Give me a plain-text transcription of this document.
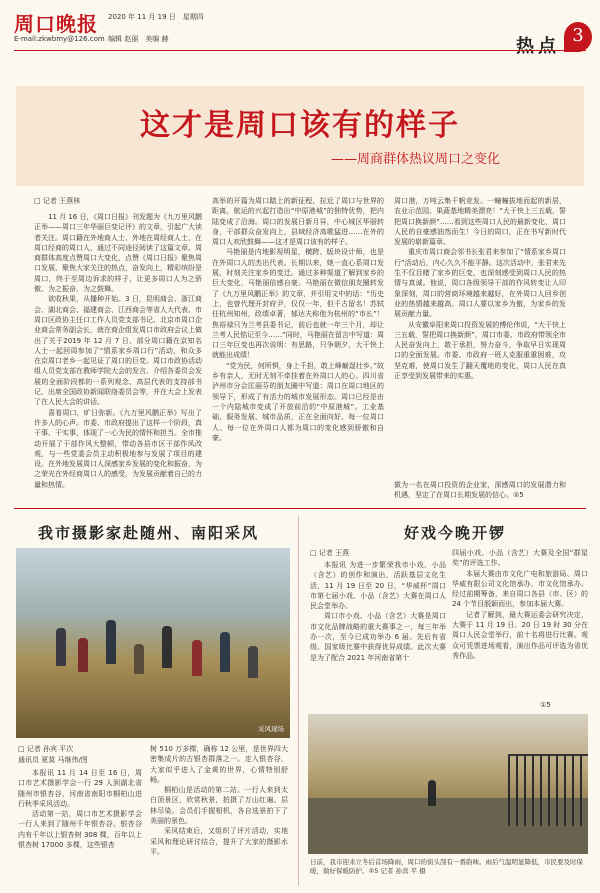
周口晚报 2020 年 11 月 19 日　星期四
E-mail:zkwbmy@126.com 编辑 赵丽　美编 赫	热点
3
这才是周口该有的样子
——周商群体热议周口之变化
□ 记者 王燕林

11 月 16 日，《周口日报》刊发题为《九万里风鹏正举——周口三年华丽巨变记评》的文章，引起广大读者关注。周口籍在外地商人士、外地在周经商人士，在周口经商的周口人，通过不同途径阅读了这篇文章。周商群体高度点赞周口大变化，点赞《周口日报》聚焦周口发展、聚焦大家关注的热点，奋发向上，精彩缤纷是周口，终于至周边诉求的样子，让更多周口人为之骄傲、为之振奋、为之鼓舞。

欲收秋果，从播种开始。3 日，昆明商会、浙江商会、湖北商会、福建商会、江西商会等省人大代表、市周口区政协主任口工作人员党支部书记、北京市周口企业商会常务副会长，就在商企组发周口市政府会议上做出了关于2019 年 12 月 7 日、部分周口籍在京知名人士一起回周参加了“情系家乡周口行”活动，和众多在京周口老乡一起见证了周口的巨变。周口市政协活动组人员党支部在教师学院大会的发言、介绍各委员会发展的全面阶段都的一系列观念、高层代表的支持部书记，出席全国政协新闻联络委员会等，并在大会上发表了在人民大会的讲话。

喜看周口，旷日弥新。《九万里风鹏正举》写出了许多人的心声。市委、市政府提出了这样一个阶段，真干事、干实事，体现了一心为民的情怀和担当。全市推动开展了干部作风大整顿，带动各县市区干部作风改观，与一些党委会员主动积极地参与发展了项目的建设。在外地发展周口人深感家乡发展的变化和振奋，为之荣光在外经商周口人的感受，为发展贡献着自己的力量和热情。

高举的开篇为周口踏上的新征程，拉近了周口与世界的距离，航运的兴起打造出“中原港城”的独特优势，把内陆变成了沿海。周口的发展日新月异，中心城区华丽转身，干部群众奋发向上，县域经济高歌猛进……在外的周口人欢欣鼓舞——这才是周口该有的样子。

马艳丽是内地影视明星，横跨、版块设计师，也是在外周口人的杰出代表。长期以来，她一直心系周口发展，时刻关注家乡的变迁。通过多种渠道了解到家乡的巨大变化，马艳丽倍感自豪。马艳丽在微信朋友圈转发了《九万里风鹏正举》的文章，并引用文中的话：“历史上，也曾代理开封府尹，仅仅一年，但千古留名！苏轼任杭州知州，政绩卓著，郁达夫称他为杭州的“市长”！焦裕禄只为兰考县委书记，前后也就一年三个月，却让兰考人民铭记至今……”同时，马艳丽在留言中写道：周口三年巨变也再次说明：有思路，只争朝夕，大干快上就能出成绩！

“党为民，何所惧，身上千担，敢上峰巅逞壮乡。”故乡有亲人，无时无刻不牵挂着在外周口人的心。四川省泸州市分会匡丽芬的朋友圈中写道：周口在周口地区的领导下，形成了有活力的城市发展形态。周口已经是由一个内陆城市变成了开放前沿的“中原港城”。工业基础、服务发展、城市品质，正在全面向好、每一位周口人、每一位在外周口人都为周口的变化感到骄傲和自豪。

周口港，万吨云集千帆竞发。一幢幢拔地而起的新居，农业示范园、果蔬基地精美漂亮！“大干快上三五载，誓把周口换新颜”……看到这些周口人民的最新变化，周口人民的自豪感油然而生！今日的周口，正在书写新时代发展的崭新篇章。

重庆市周口商会邻书长张君来参加了“情系家乡周口行”活动后，内心久久不能平静。这次活动中，张君来先生不仅目睹了家乡的巨变，也深刻感受到周口人民的热情与真诚。他说，周口各级领导干部的作风转变让人印象深刻，周口的营商环境越来越好，在外周口人回乡创业的热情越来越高。周口人要以家乡为傲，为家乡的发展贡献力量。

从安徽阜阳来周口投资发展的傅伦伟说，“大干快上三五载，誓把周口换新颜”，周口市委、市政府带领全市人民奋发向上，敢于承担，努力奋斗，争取早日实现周口的全面发展。市委、市政府一班人克服重重困难，攻坚克难，使周口发生了翻天覆地的变化，周口人民在真正享受到发展带来的实惠。

做为一名在周口投资的企业家，深感周口的发展潜力和机遇，坚定了在周口长期发展的信心。②5
我市摄影家赴随州、南阳采风
采风现场
□ 记者 孙宾 平次
通讯员 夏莫 马继伟/图

本报讯 11 月 14 日至 16 日，周口市艺术摄影学会一行 29 人到湖北省随州市银杏谷、河南省南阳市桐柏山进行秋季采风活动。

活动第一站，周口市艺术摄影学会一行人来到了随州千年银杏谷。银杏谷内有千年以上银杏树 308 棵，百年以上银杏树 17000 多棵，这些银杏

树 510 万多棵，确称 12 公里，是世界四大密集成片的古银杏群落之一。走入银杏谷，大家似乎进入了金黄的世界，心情特别舒畅。

桐柏山是活动的第二站。一行人来到太白顶景区，欣赏秋景，拍摄了万山红遍、层林尽染。会员们手握相机，各自选景拍下了美丽的景色。

采风结束后，又组织了评片活动，实地采风和理论研讨结合，提升了大家的摄影水平。

好戏今晚开锣
□ 记者 王燕

本报讯 为进一步繁荣我市小戏、小品（含艺）的创作和演出，活跃基层文化生活，11 月 19 日至 20 日，“华威杯”周口市第七届小戏、小品（含艺）大赛在周口人民会堂举办。

周口市小戏、小品（含艺）大赛是周口市文化品牌战略的重大赛事之一，每三年举办一次，至今已成功举办 6 届。先后有省级、国家级比赛中获得优异成绩。此次大赛是为了配合 2021 年河南省第十

四届小戏、小品（含艺）大赛及全国“群星奖”的评选工作。

本届大赛由市文化广电和旅游局、周口华威有限公司文化馆承办，市文化馆承办。经过前期筹备，来自周口各县（市、区）的 24 个节目脱颖而出，参加本届大赛。

记者了解到，最大赛运委会研究决定，大赛于 11 月 19 日、20 日 19 时 30 分在周口人民会堂举行，前十名将进行比赛。观众可凭票进场观看，演出作品可评选为省优秀作品。

①5
日前，我市迎来立冬后首场降雨，周口的街头刮有一番韵味。雨后气温明显降低，市民要及时保暖，做好保暖防护。②5 记者 孙宾 平 摄
